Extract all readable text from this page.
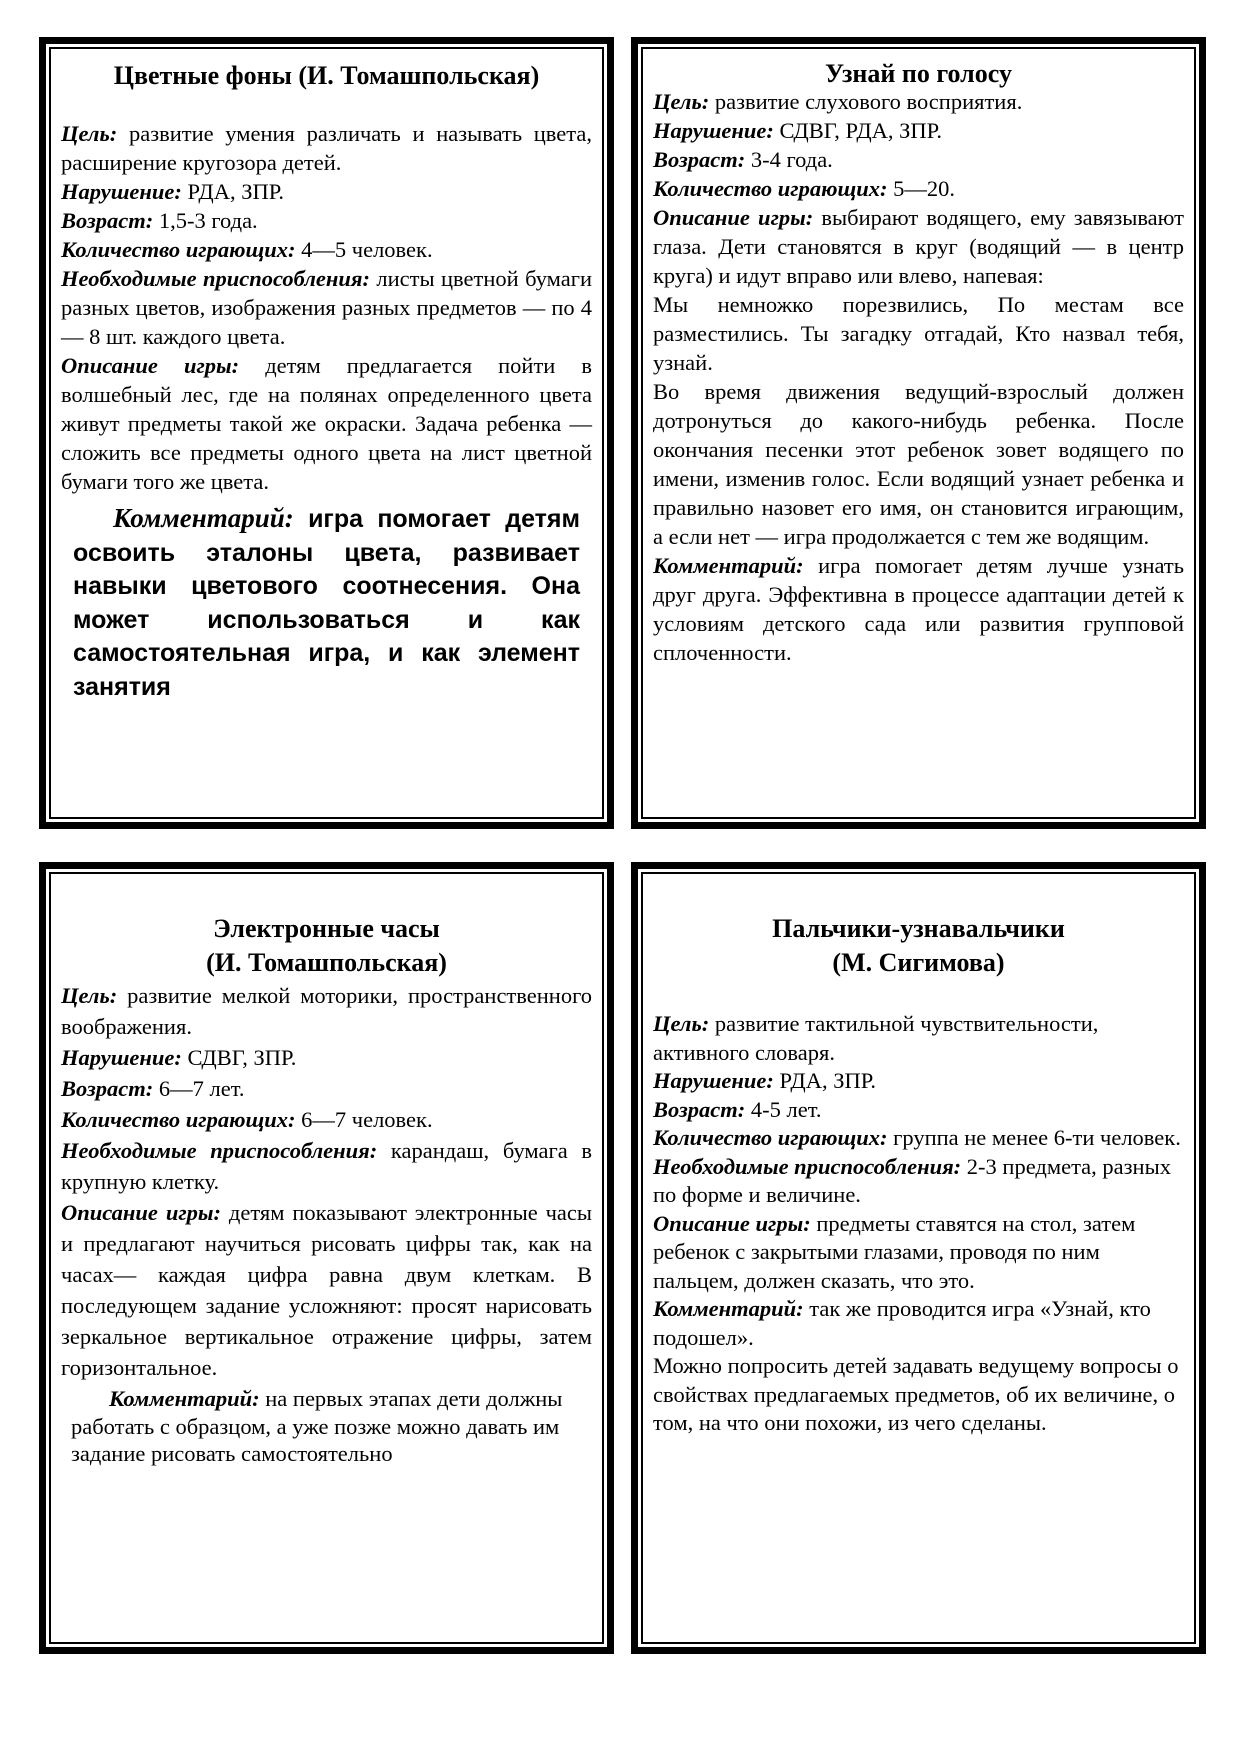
Цветные фоны (И. Томашпольская)

Цель: развитие умения различать и называть цвета, расширение кругозора детей.

Нарушение: РДА, ЗПР.

Возраст: 1,5-3 года.

Количество играющих: 4—5 человек.

Необходимые приспособления: листы цветной бумаги разных цветов, изображения разных предметов — по 4— 8 шт. каждого цвета.

Описание игры: детям предлагается пойти в волшебный лес, где на полянах определенного цвета живут предметы такой же окраски. Задача ребенка — сложить все предметы одного цвета на лист цветной бумаги того же цвета.

Комментарий: игра помогает детям освоить эталоны цвета, развивает навыки цветового соотнесения. Она может использоваться и как самостоятельная игра, и как элемент занятия
Узнай по голосу

Цель: развитие слухового восприятия.

Нарушение: СДВГ, РДА, ЗПР.

Возраст: 3-4 года.

Количество играющих: 5—20.

Описание игры: выбирают водящего, ему завязывают глаза. Дети становятся в круг (водящий — в центр круга) и идут вправо или влево, напевая:

Мы немножко порезвились, По местам все разместились. Ты загадку отгадай, Кто назвал тебя, узнай.

Во время движения ведущий-взрослый должен дотронуться до какого-нибудь ребенка. После окончания песенки этот ребенок зовет водящего по имени, изменив голос. Если водящий узнает ребенка и правильно назовет его имя, он становится играющим, а если нет — игра продолжается с тем же водящим.

Комментарий: игра помогает детям лучше узнать друг друга. Эффективна в процессе адаптации детей к условиям детского сада или развития групповой сплоченности.

Электронные часы
(И. Томашпольская)

Цель: развитие мелкой моторики, пространственного воображения.

Нарушение: СДВГ, ЗПР.

Возраст: 6—7 лет.

Количество играющих: 6—7 человек.

Необходимые приспособления: карандаш, бумага в крупную клетку.

Описание игры: детям показывают электронные часы и предлагают научиться рисовать цифры так, как на часах— каждая цифра равна двум клеткам. В последующем задание усложняют: просят нарисовать зеркальное вертикальное отражение цифры, затем горизонтальное.

Комментарий: на первых этапах дети должны работать с образцом, а уже позже можно давать им задание рисовать самостоятельно
Пальчики-узнавальчики
(М. Сигимова)

Цель: развитие тактильной чувствительности, активного словаря.

Нарушение: РДА, ЗПР.

Возраст: 4-5 лет.

Количество играющих: группа не менее 6-ти человек.

Необходимые приспособления: 2-3 предмета, разных по форме и величине.

Описание игры: предметы ставятся на стол, затем ребенок с закрытыми глазами, проводя по ним пальцем, должен сказать, что это.

Комментарий: так же проводится игра «Узнай, кто подошел».

Можно попросить детей задавать ведущему вопросы о свойствах предлагаемых предметов, об их величине, о том, на что они похожи, из чего сделаны.
